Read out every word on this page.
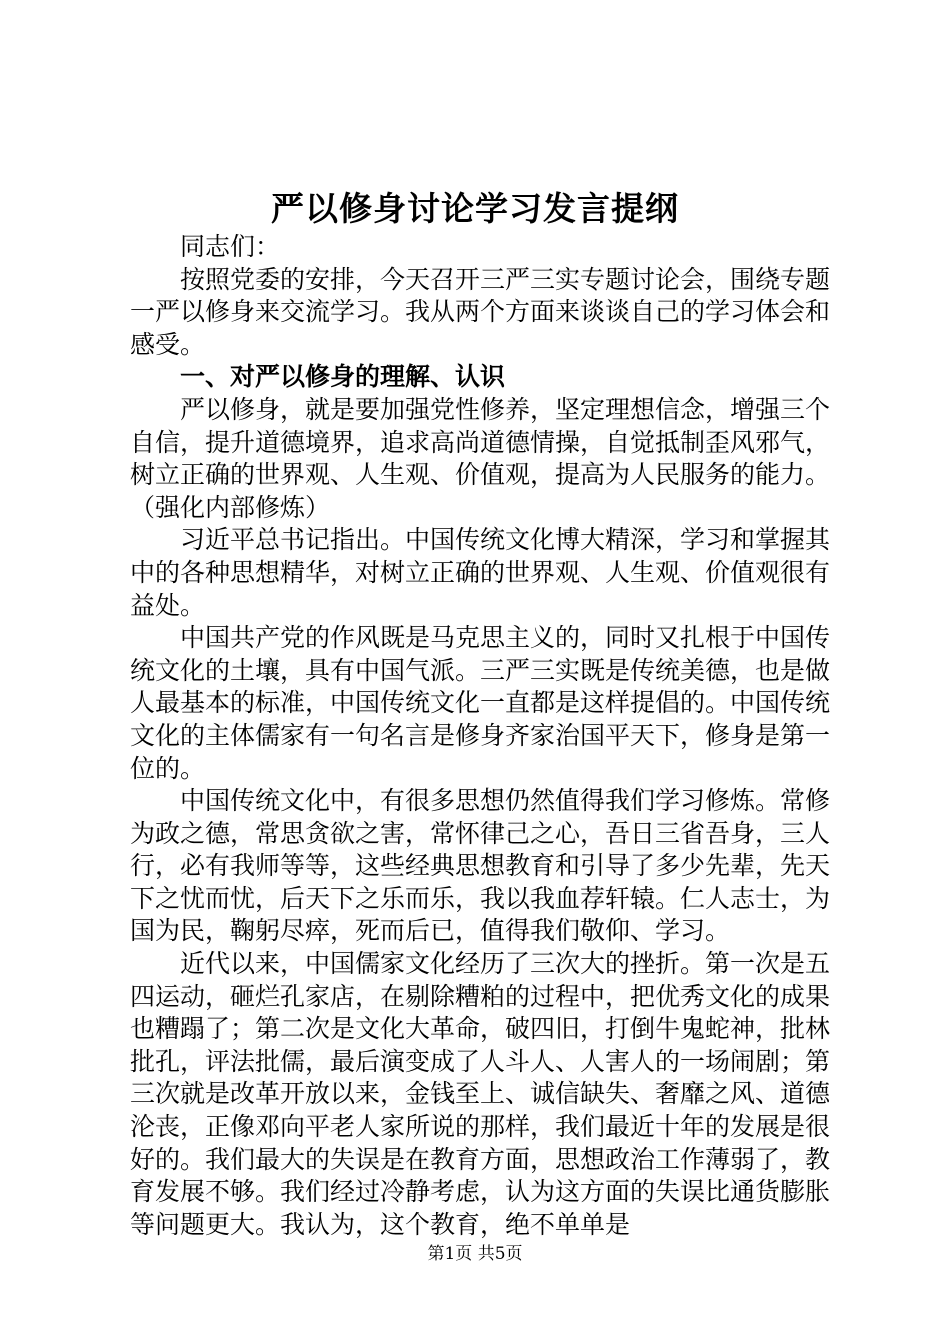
严以修身讨论学习发言提纲

同志们：

按照党委的安排，今天召开三严三实专题讨论会，围绕专题一严以修身来交流学习。我从两个方面来谈谈自己的学习体会和感受。

一、对严以修身的理解、认识

严以修身，就是要加强党性修养，坚定理想信念，增强三个自信，提升道德境界，追求高尚道德情操，自觉抵制歪风邪气，树立正确的世界观、人生观、价值观，提高为人民服务的能力。（强化内部修炼）

习近平总书记指出。中国传统文化博大精深，学习和掌握其中的各种思想精华，对树立正确的世界观、人生观、价值观很有益处。

中国共产党的作风既是马克思主义的，同时又扎根于中国传统文化的土壤，具有中国气派。三严三实既是传统美德，也是做人最基本的标准，中国传统文化一直都是这样提倡的。中国传统文化的主体儒家有一句名言是修身齐家治国平天下，修身是第一位的。

中国传统文化中，有很多思想仍然值得我们学习修炼。常修为政之德，常思贪欲之害，常怀律己之心，吾日三省吾身，三人行，必有我师等等，这些经典思想教育和引导了多少先辈，先天下之忧而忧，后天下之乐而乐，我以我血荐轩辕。仁人志士，为国为民，鞠躬尽瘁，死而后已，值得我们敬仰、学习。

近代以来，中国儒家文化经历了三次大的挫折。第一次是五四运动，砸烂孔家店，在剔除糟粕的过程中，把优秀文化的成果也糟蹋了；第二次是文化大革命，破四旧，打倒牛鬼蛇神，批林批孔，评法批儒，最后演变成了人斗人、人害人的一场闹剧；第三次就是改革开放以来，金钱至上、诚信缺失、奢靡之风、道德沦丧，正像邓向平老人家所说的那样，我们最近十年的发展是很好的。我们最大的失误是在教育方面，思想政治工作薄弱了，教育发展不够。我们经过冷静考虑，认为这方面的失误比通货膨胀等问题更大。我认为，这个教育，绝不单单是

第1页 共5页
